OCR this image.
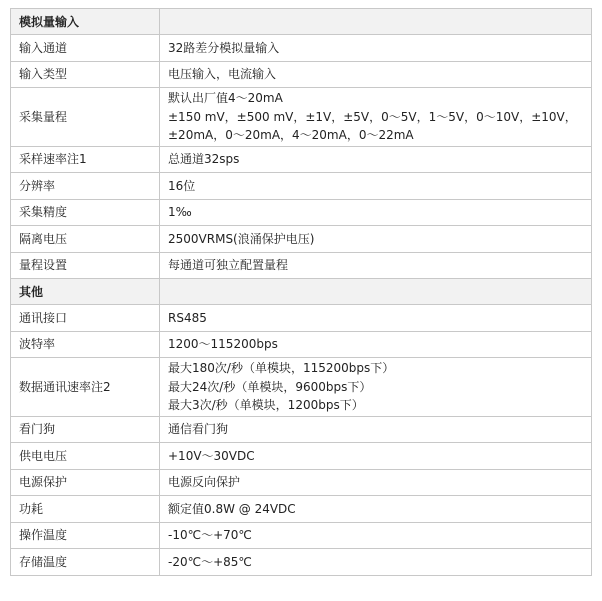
模拟量输入	
输入通道	32路差分模拟量输入

输入类型	电压输入，电流输入

采集量程	默认出厂值4～20mA
±150 mV，±500 mV，±1V，±5V，0～5V，1～5V，0～10V，±10V，
±20mA，0～20mA，4～20mA，0～22mA

采样速率注1	总通道32sps

分辨率	16位

采集精度	1‰

隔离电压	2500VRMS(浪涌保护电压)

量程设置	每通道可独立配置量程

其他	
通讯接口	RS485

波特率	1200～115200bps

数据通讯速率注2	最大180次/秒（单模块，115200bps下）
最大24次/秒（单模块，9600bps下）
最大3次/秒（单模块，1200bps下）

看门狗	通信看门狗

供电电压	+10V～30VDC

电源保护	电源反向保护

功耗	额定值0.8W @ 24VDC

操作温度	-10℃～+70℃

存储温度	-20℃～+85℃
